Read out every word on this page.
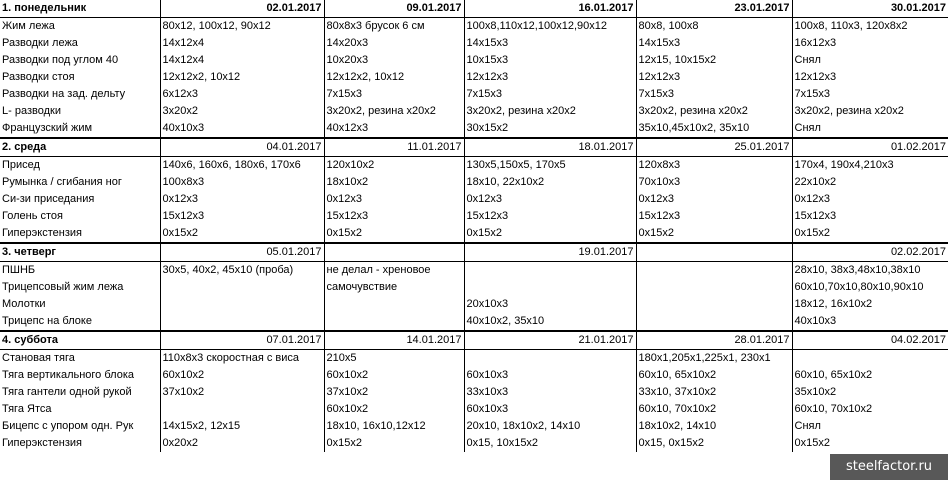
1. понедельник	02.01.2017	09.01.2017	16.01.2017	23.01.2017	30.01.2017
Жим лежа	80x12, 100x12, 90x12	80x8x3 брусок 6 см	100x8,110x12,100x12,90x12	80x8, 100x8	100x8, 110x3, 120x8x2
Разводки лежа	14x12x4	14x20x3	14x15x3	14x15x3	16x12x3
Разводки под углом 40	14x12x4	10x20x3	10x15x3	12x15, 10x15x2	Снял
Разводки стоя	12x12x2, 10x12	12x12x2, 10x12	12x12x3	12x12x3	12x12x3
Разводки на зад. дельту	6x12x3	7x15x3	7x15x3	7x15x3	7x15x3
L- разводки	3x20x2	3x20x2, резина x20x2	3x20x2, резина x20x2	3x20x2, резина x20x2	3x20x2, резина x20x2
Французский жим	40x10x3	40x12x3	30x15x2	35x10,45x10x2, 35x10	Снял
2. среда	04.01.2017	11.01.2017	18.01.2017	25.01.2017	01.02.2017
Присед	140x6, 160x6, 180x6, 170x6	120x10x2	130x5,150x5, 170x5	120x8x3	170x4, 190x4,210x3
Румынка / сгибания ног	100x8x3	18x10x2	18x10, 22x10x2	70x10x3	22x10x2
Си-зи приседания	0x12x3	0x12x3	0x12x3	0x12x3	0x12x3
Голень стоя	15x12x3	15x12x3	15x12x3	15x12x3	15x12x3
Гиперэкстензия	0x15x2	0x15x2	0x15x2	0x15x2	0x15x2
3. четверг	05.01.2017		19.01.2017		02.02.2017
ПШНБ	30x5, 40x2, 45x10 (проба)	не делал - хреновое			28x10, 38x3,48x10,38x10
Трицепсовый жим лежа		самочувствие			60x10,70x10,80x10,90x10
Молотки			20x10x3		18x12, 16x10x2
Трицепс на блоке			40x10x2, 35x10		40x10x3
4. суббота	07.01.2017	14.01.2017	21.01.2017	28.01.2017	04.02.2017
Становая тяга	110x8x3 скоростная с виса	210x5		180x1,205x1,225x1, 230x1	
Тяга вертикального блока	60x10x2	60x10x2	60x10x3	60x10, 65x10x2	60x10, 65x10x2
Тяга гантели одной рукой	37x10x2	37x10x2	33x10x3	33x10, 37x10x2	35x10x2
Тяга Ятса		60x10x2	60x10x3	60x10, 70x10x2	60x10, 70x10x2
Бицепс с упором одн. Рук	14x15x2, 12x15	18x10, 16x10,12x12	20x10, 18x10x2, 14x10	18x10x2, 14x10	Снял
Гиперэкстензия	0x20x2	0x15x2	0x15, 10x15x2	0x15, 0x15x2	0x15x2
steelfactor.ru
